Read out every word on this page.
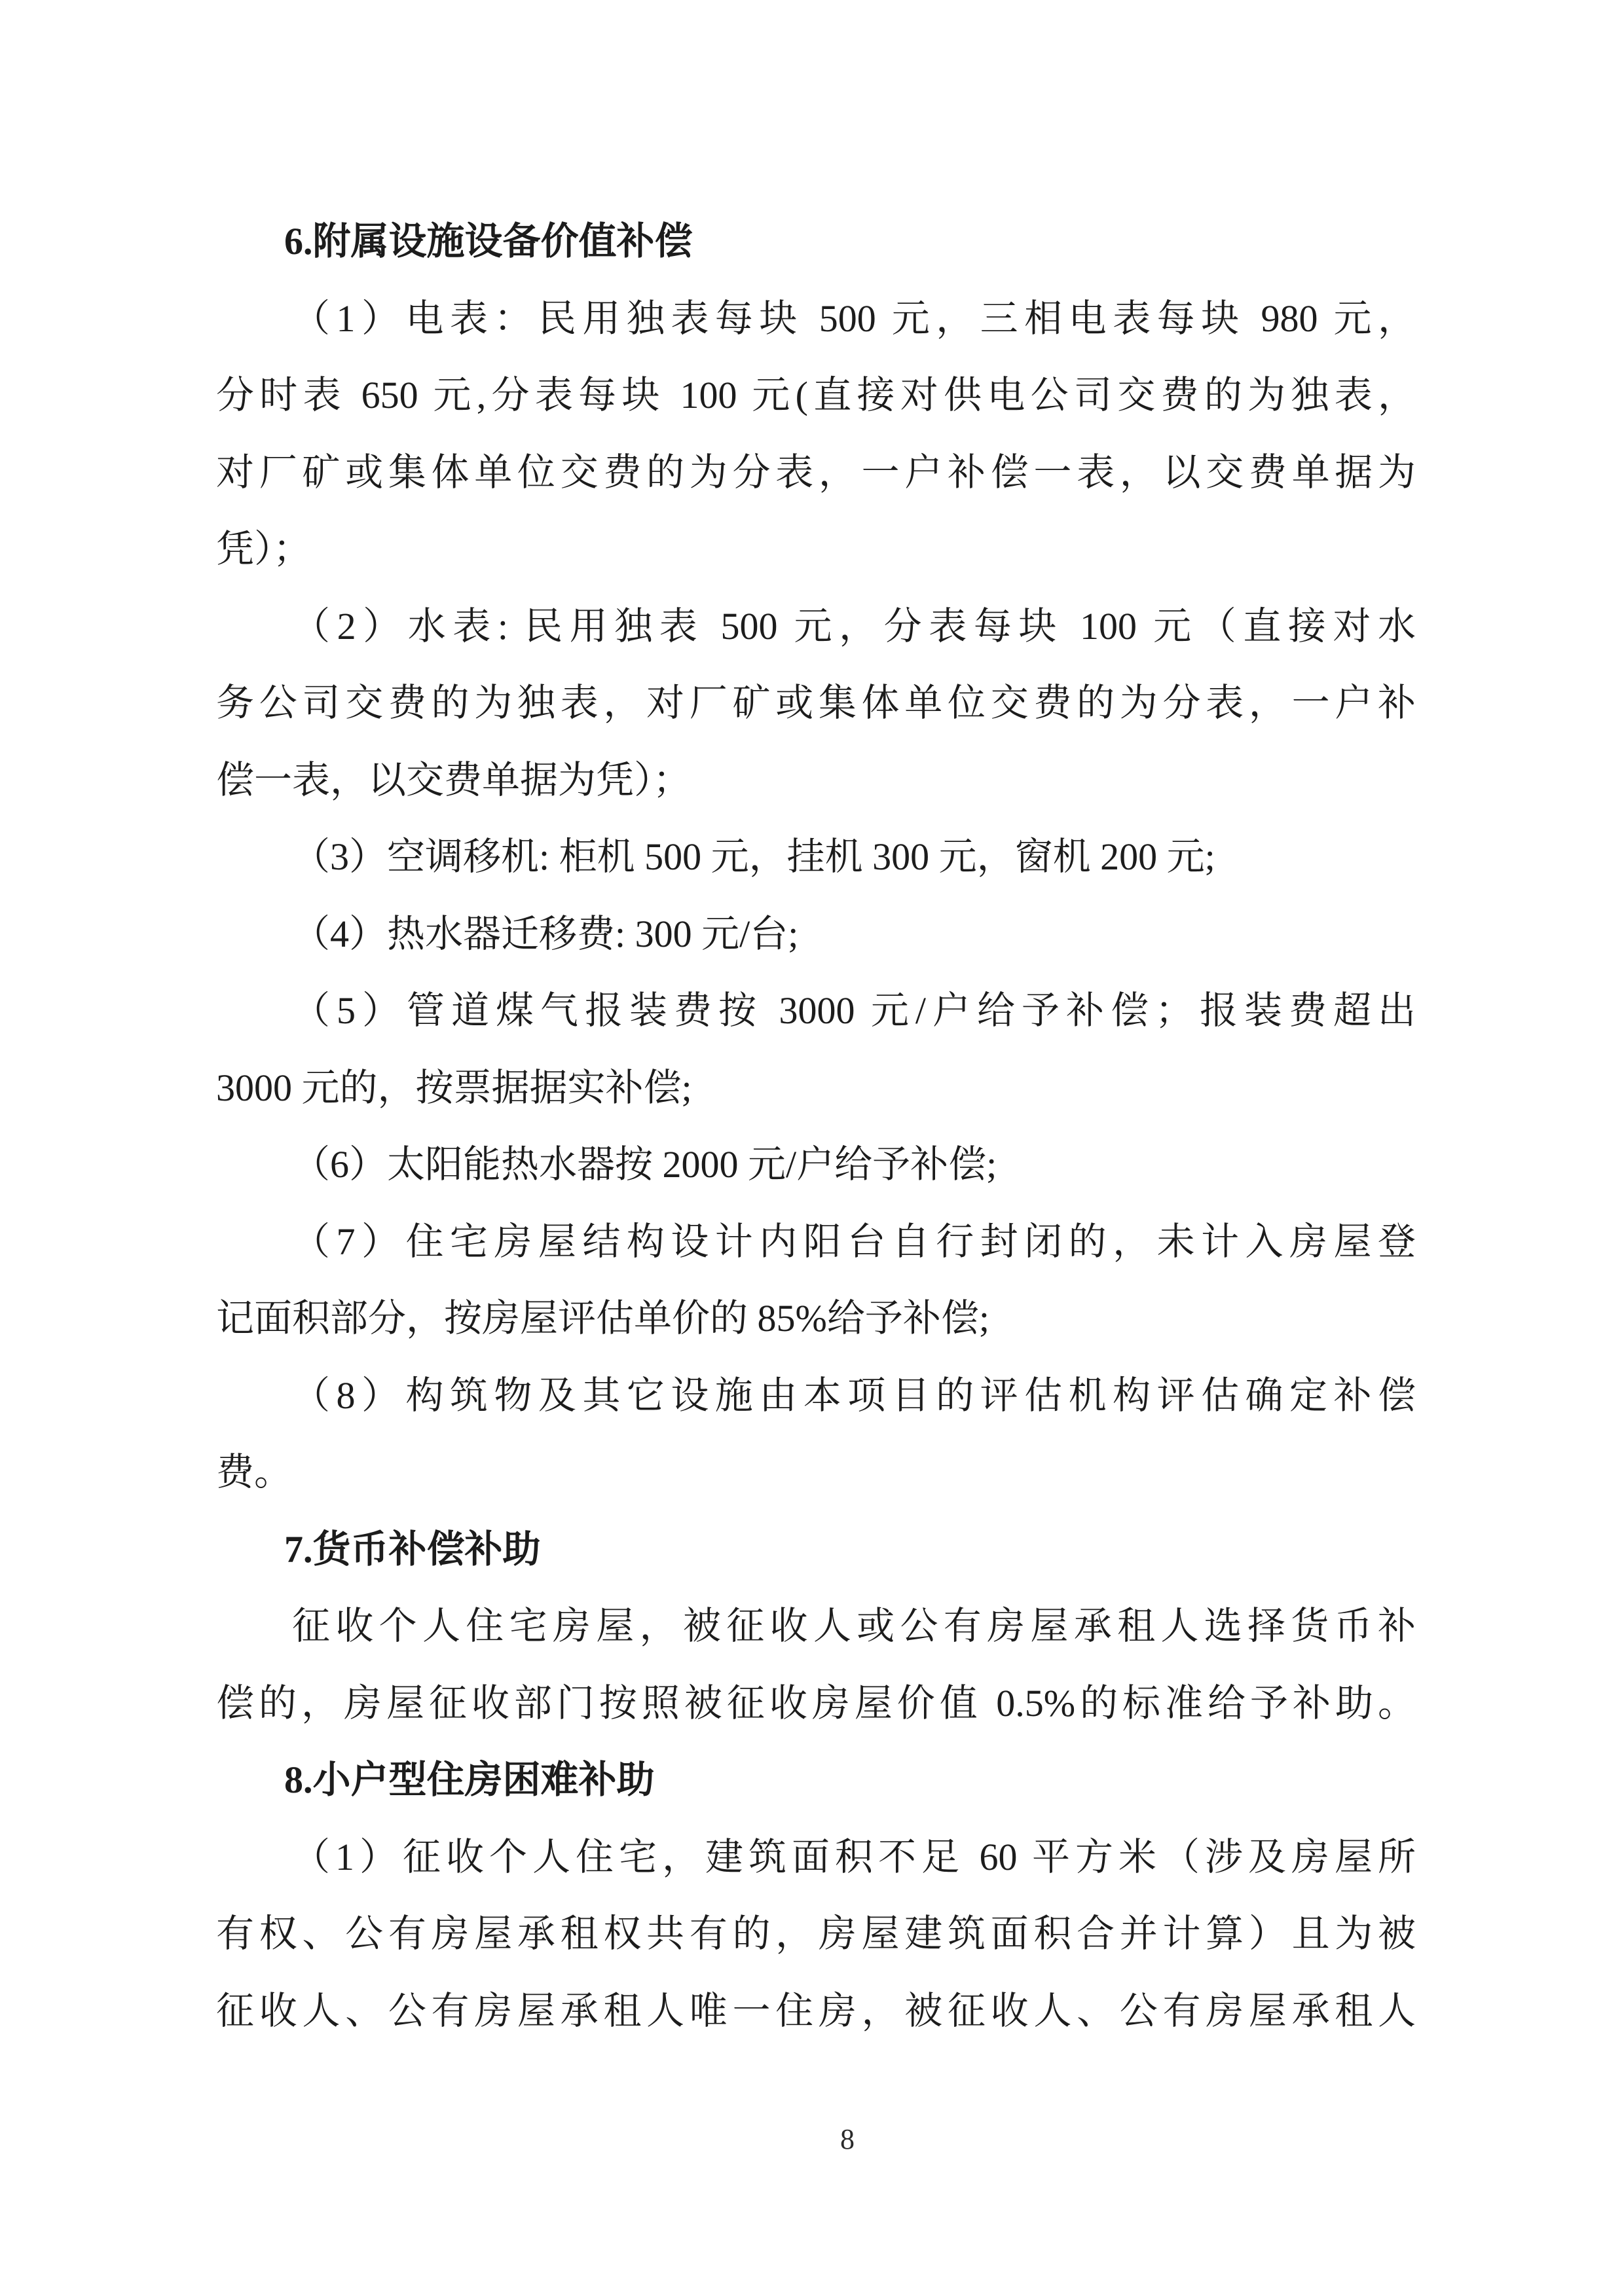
6.附属设施设备价值补偿

（1）电表：民用独表每块 500 元，三相电表每块 980 元，

分时表 650 元,分表每块 100 元(直接对供电公司交费的为独表，

对厂矿或集体单位交费的为分表，一户补偿一表，以交费单据为

凭）；

（2）水表: 民用独表 500 元，分表每块 100 元（直接对水

务公司交费的为独表，对厂矿或集体单位交费的为分表，一户补

偿一表，以交费单据为凭）；

（3）空调移机: 柜机 500 元，挂机 300 元，窗机 200 元;

（4）热水器迁移费: 300 元/台;

（5）管道煤气报装费按 3000 元/户给予补偿；报装费超出

3000 元的，按票据据实补偿;

（6）太阳能热水器按 2000 元/户给予补偿;

（7）住宅房屋结构设计内阳台自行封闭的，未计入房屋登

记面积部分，按房屋评估单价的 85%给予补偿;

（8）构筑物及其它设施由本项目的评估机构评估确定补偿

费。

7.货币补偿补助

征收个人住宅房屋，被征收人或公有房屋承租人选择货币补

偿的，房屋征收部门按照被征收房屋价值 0.5%的标准给予补助。

8.小户型住房困难补助

（1）征收个人住宅，建筑面积不足 60 平方米（涉及房屋所

有权、公有房屋承租权共有的，房屋建筑面积合并计算）且为被

征收人、公有房屋承租人唯一住房，被征收人、公有房屋承租人

8
